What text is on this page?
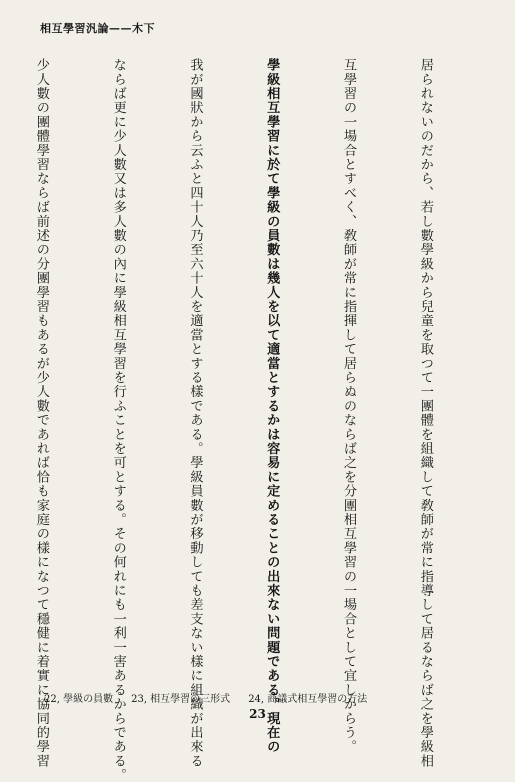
相互學習汎論——木下

居られないのだから、若し數學級から兒童を取つて一團體を組織して敎師が常に指導して居るならば之を學級相

互學習の一場合とすべく、敎師が常に指揮して居らぬのならば之を分團相互學習の一場合として宜しからう。

學級相互學習に於て學級の員數は幾人を以て適當とするかは容易に定めることの出來ない問題である。現在の

我が國狀から云ふと四十人乃至六十人を適當とする樣である。學級員數が移動しても差支ない樣に組織が出來る

ならば更に少人數又は多人數の內に學級相互學習を行ふことを可とする。その何れにも一利一害あるからである。

少人數の團體學習ならば前述の分團學習もあるが少人數であれば恰も家庭の樣になつて穩健に着實に協同的學習

22, 學級の員數 23, 相互學習の三形式 24, 商議式相互學習の方法
23
